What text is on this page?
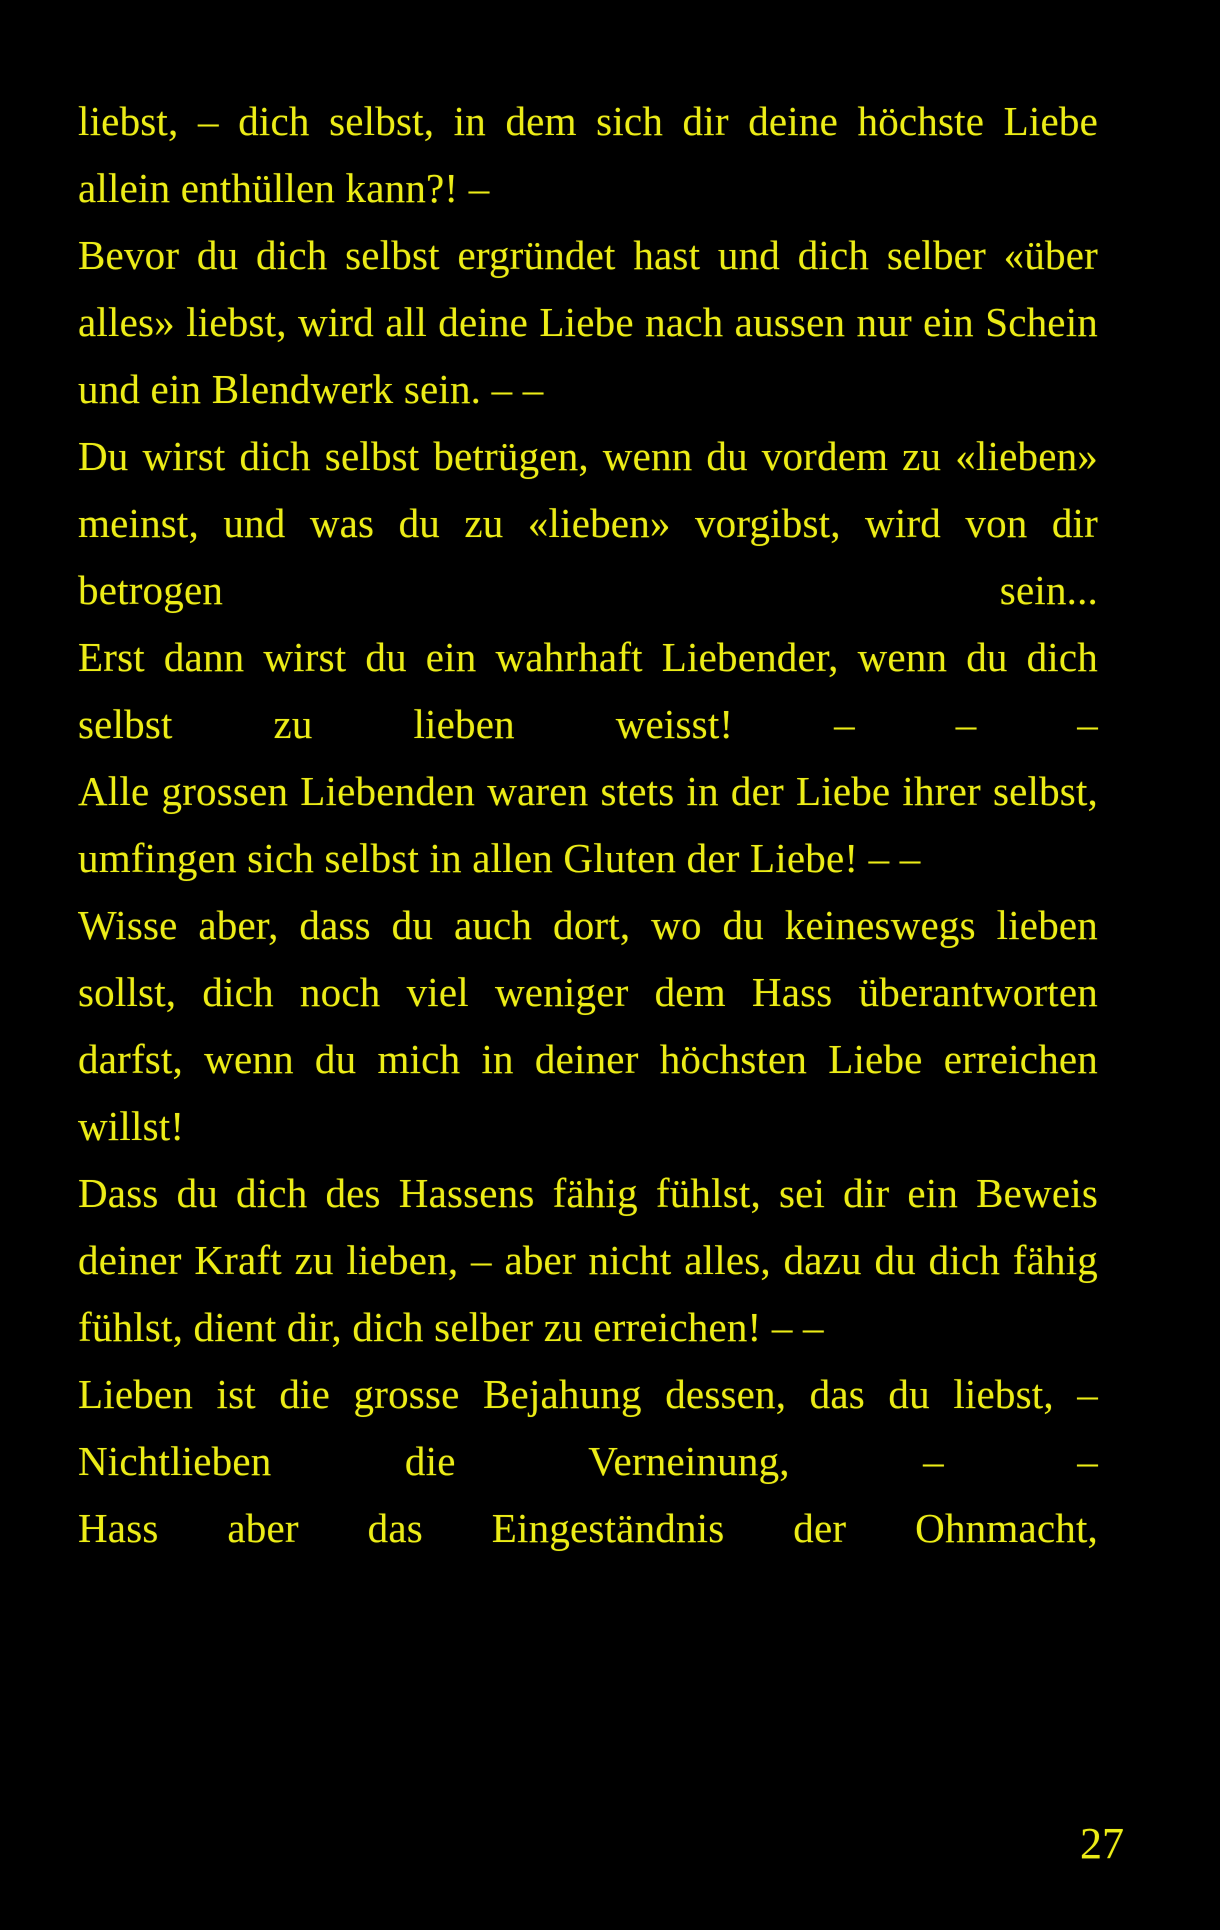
liebst, – dich selbst, in dem sich dir deine höchste Liebe allein enthüllen kann?! –

Bevor du dich selbst ergründet hast und dich selber «über alles» liebst, wird all deine Liebe nach aussen nur ein Schein und ein Blendwerk sein. – –

Du wirst dich selbst betrügen, wenn du vordem zu «lieben» meinst, und was du zu «lieben» vorgibst, wird von dir betrogen sein...

Erst dann wirst du ein wahrhaft Liebender, wenn du dich selbst zu lieben weisst! – – –

Alle grossen Liebenden waren stets in der Liebe ihrer selbst, umfingen sich selbst in allen Gluten der Liebe! – –

Wisse aber, dass du auch dort, wo du keineswegs lieben sollst, dich noch viel weniger dem Hass überantworten darfst, wenn du mich in deiner höchsten Liebe erreichen willst!

Dass du dich des Hassens fähig fühlst, sei dir ein Beweis deiner Kraft zu lieben, – aber nicht alles, dazu du dich fähig fühlst, dient dir, dich selber zu erreichen! – –

Lieben ist die grosse Bejahung dessen, das du liebst, – Nichtlieben die Verneinung, – –

Hass aber das Eingeständnis der Ohnmacht,

27
